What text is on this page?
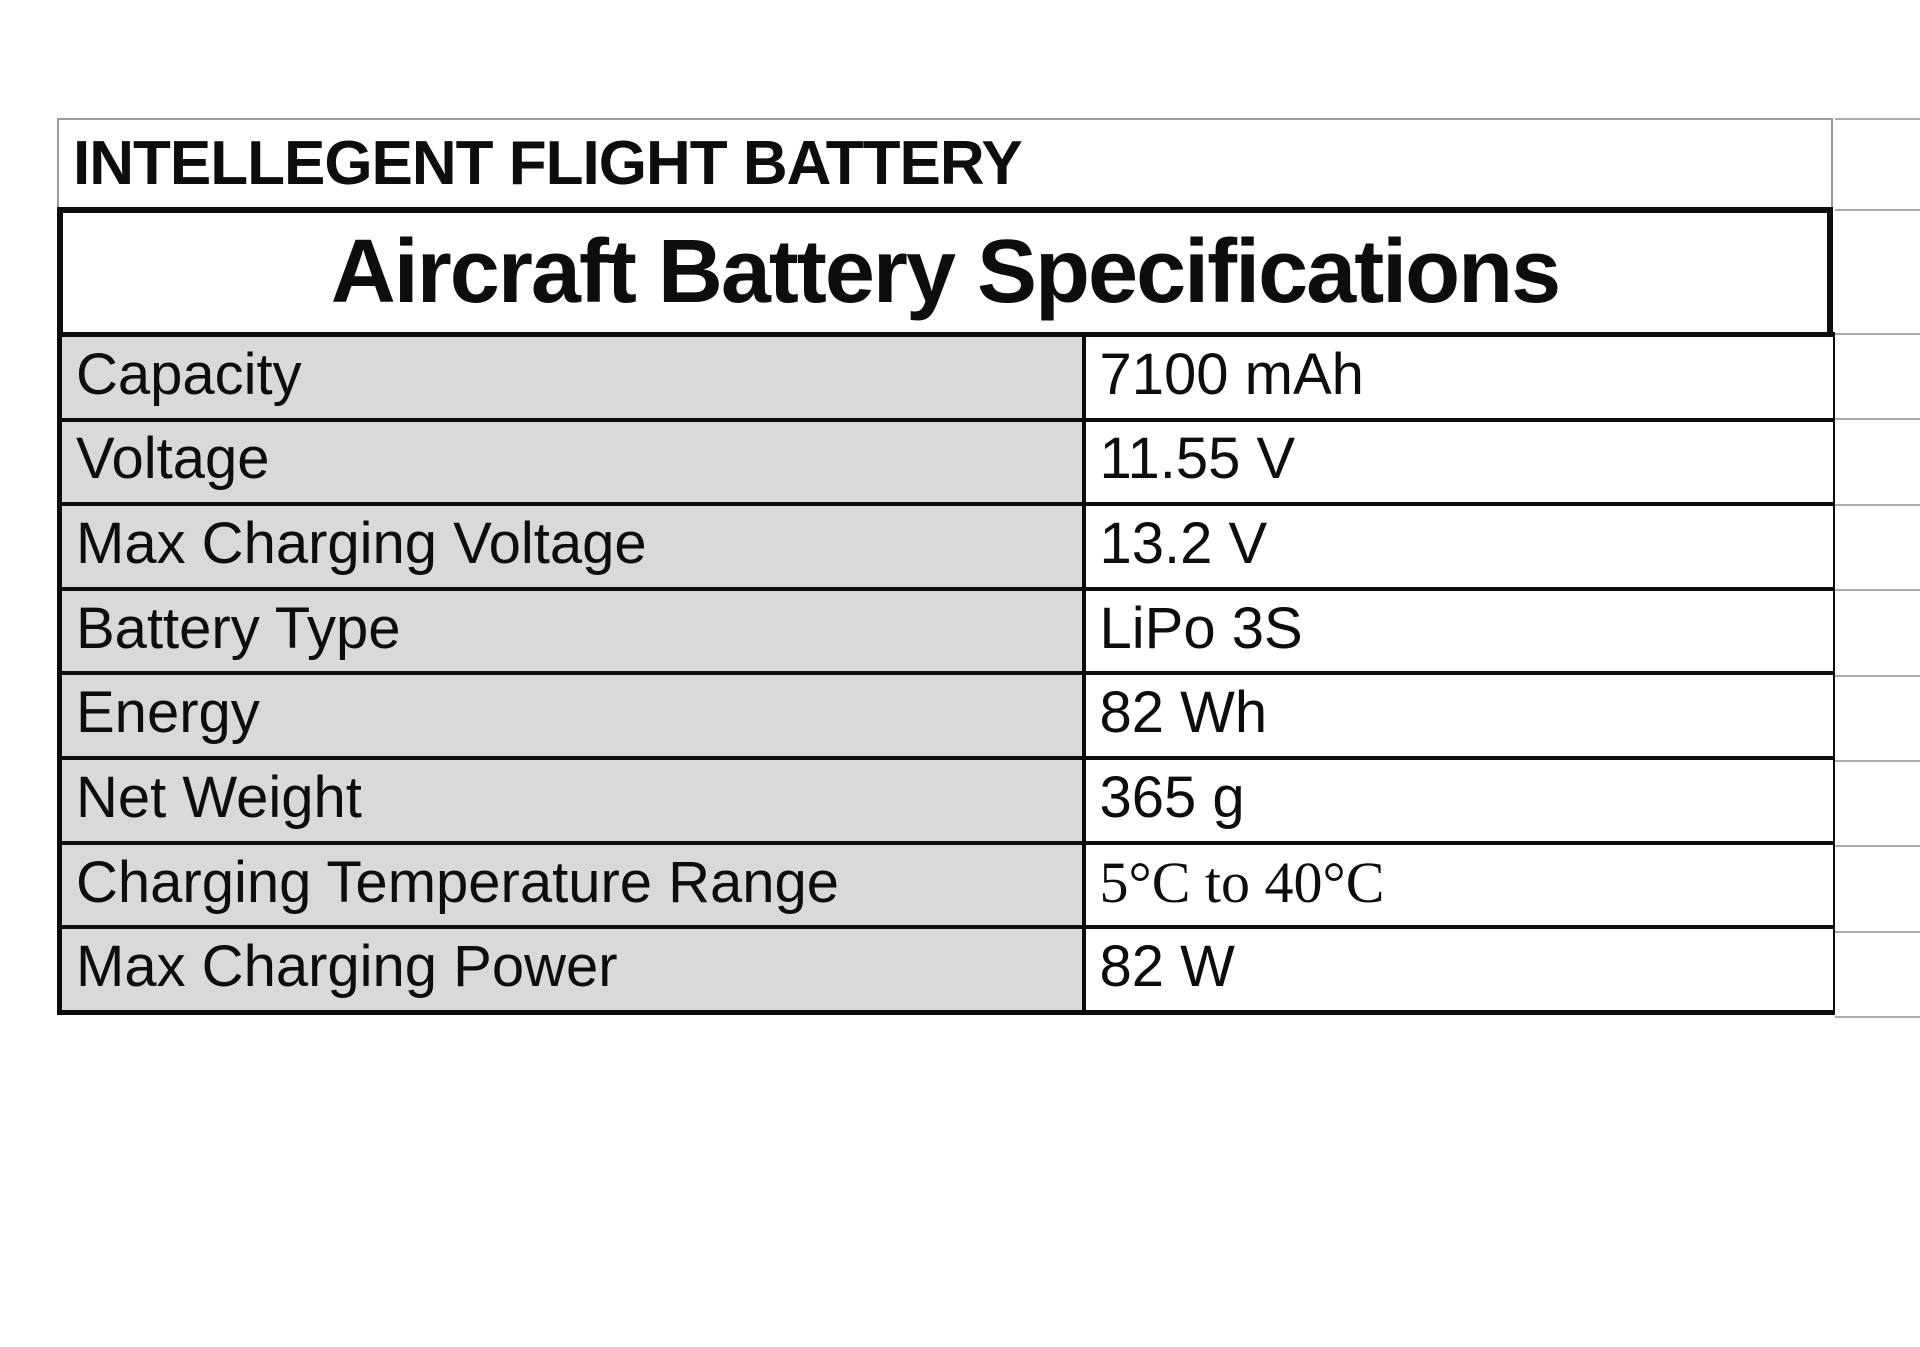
INTELLEGENT FLIGHT BATTERY
Aircraft Battery Specifications
Capacity	7100 mAh
Voltage	11.55 V
Max Charging Voltage	13.2 V
Battery Type	LiPo 3S
Energy	82 Wh
Net Weight	365 g
Charging Temperature Range	5°C to 40°C
Max Charging Power	82 W
